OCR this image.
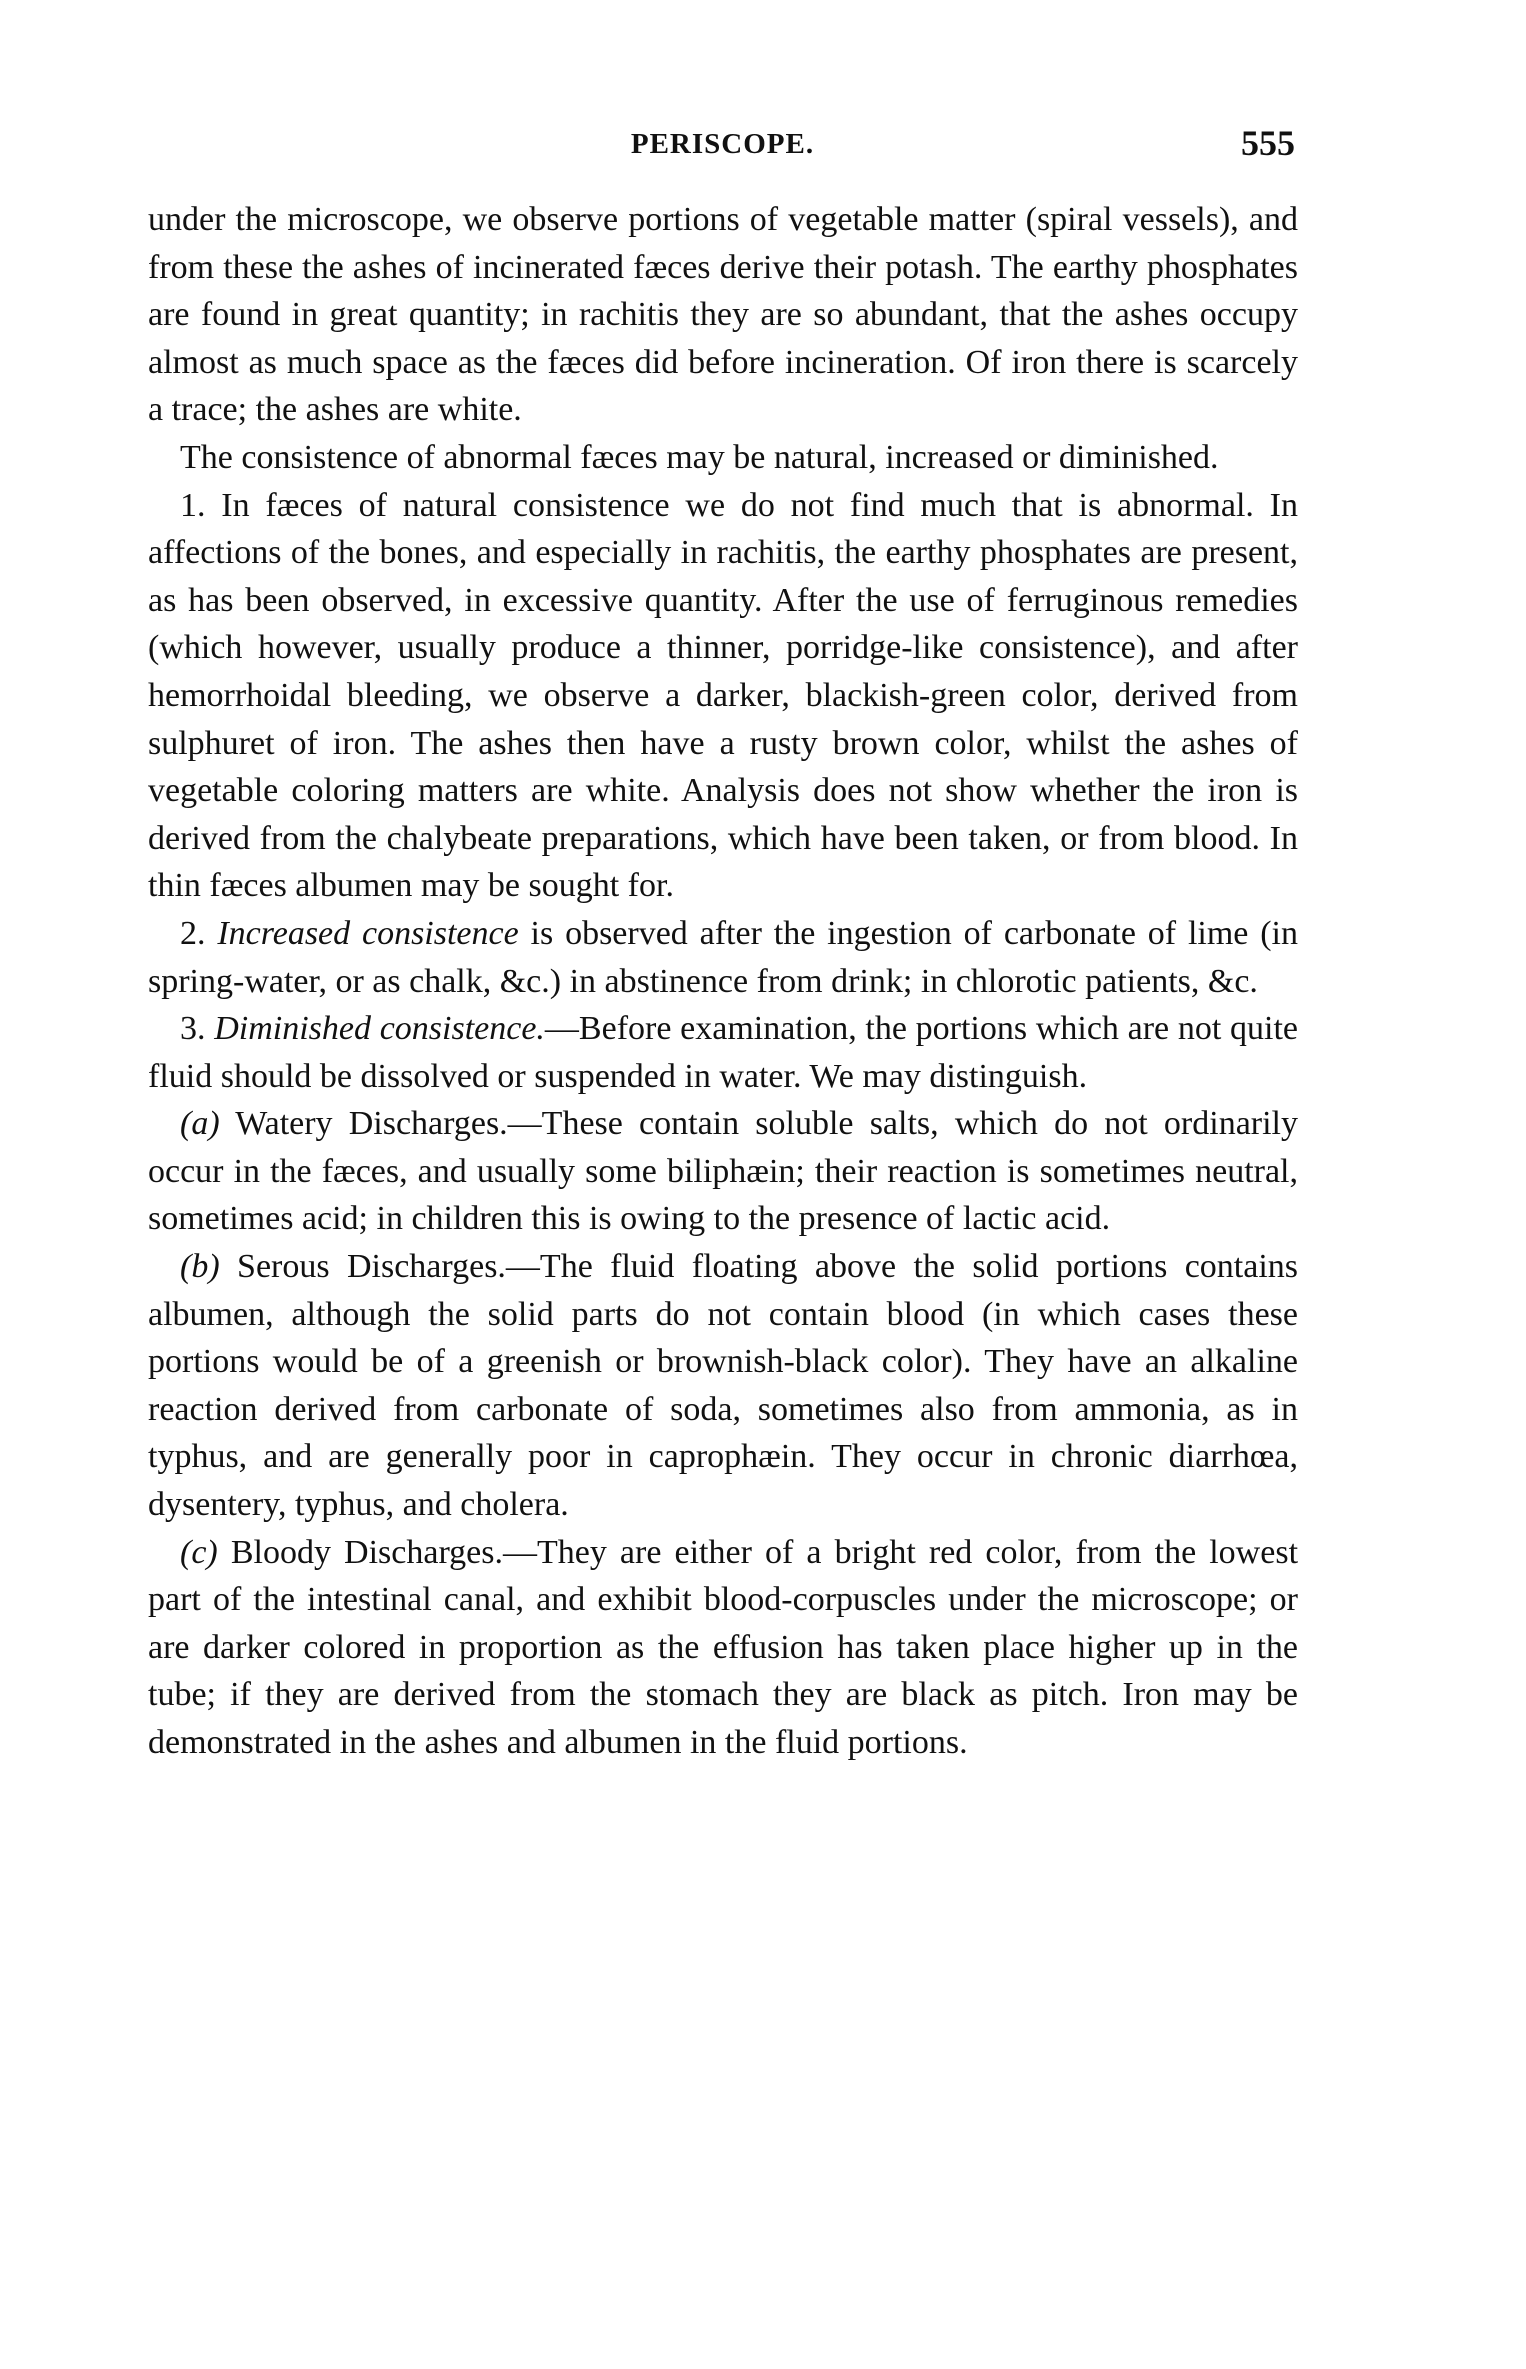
PERISCOPE.	555

under the microscope, we observe portions of vegetable matter (spiral vessels), and from these the ashes of incinerated fæces derive their potash. The earthy phosphates are found in great quantity; in rachitis they are so abundant, that the ashes occupy almost as much space as the fæces did before incineration. Of iron there is scarcely a trace; the ashes are white.

The consistence of abnormal fæces may be natural, increased or diminished.

1. In fæces of natural consistence we do not find much that is abnormal. In affections of the bones, and especially in rachitis, the earthy phosphates are present, as has been observed, in excessive quantity. After the use of ferruginous remedies (which however, usually produce a thinner, porridge-like consistence), and after hemorrhoidal bleeding, we observe a darker, blackish-green color, derived from sulphuret of iron. The ashes then have a rusty brown color, whilst the ashes of vegetable coloring matters are white. Analysis does not show whether the iron is derived from the chalybeate preparations, which have been taken, or from blood. In thin fæces albumen may be sought for.

2. Increased consistence is observed after the ingestion of carbonate of lime (in spring-water, or as chalk, &c.) in abstinence from drink; in chlorotic patients, &c.

3. Diminished consistence.—Before examination, the portions which are not quite fluid should be dissolved or suspended in water. We may distinguish.

(a) Watery Discharges.—These contain soluble salts, which do not ordinarily occur in the fæces, and usually some biliphæin; their reaction is sometimes neutral, sometimes acid; in children this is owing to the presence of lactic acid.

(b) Serous Discharges.—The fluid floating above the solid portions contains albumen, although the solid parts do not contain blood (in which cases these portions would be of a greenish or brownish-black color). They have an alkaline reaction derived from carbonate of soda, sometimes also from ammonia, as in typhus, and are generally poor in caprophæin. They occur in chronic diarrhœa, dysentery, typhus, and cholera.

(c) Bloody Discharges.—They are either of a bright red color, from the lowest part of the intestinal canal, and exhibit blood-corpuscles under the microscope; or are darker colored in proportion as the effusion has taken place higher up in the tube; if they are derived from the stomach they are black as pitch. Iron may be demonstrated in the ashes and albumen in the fluid portions.
